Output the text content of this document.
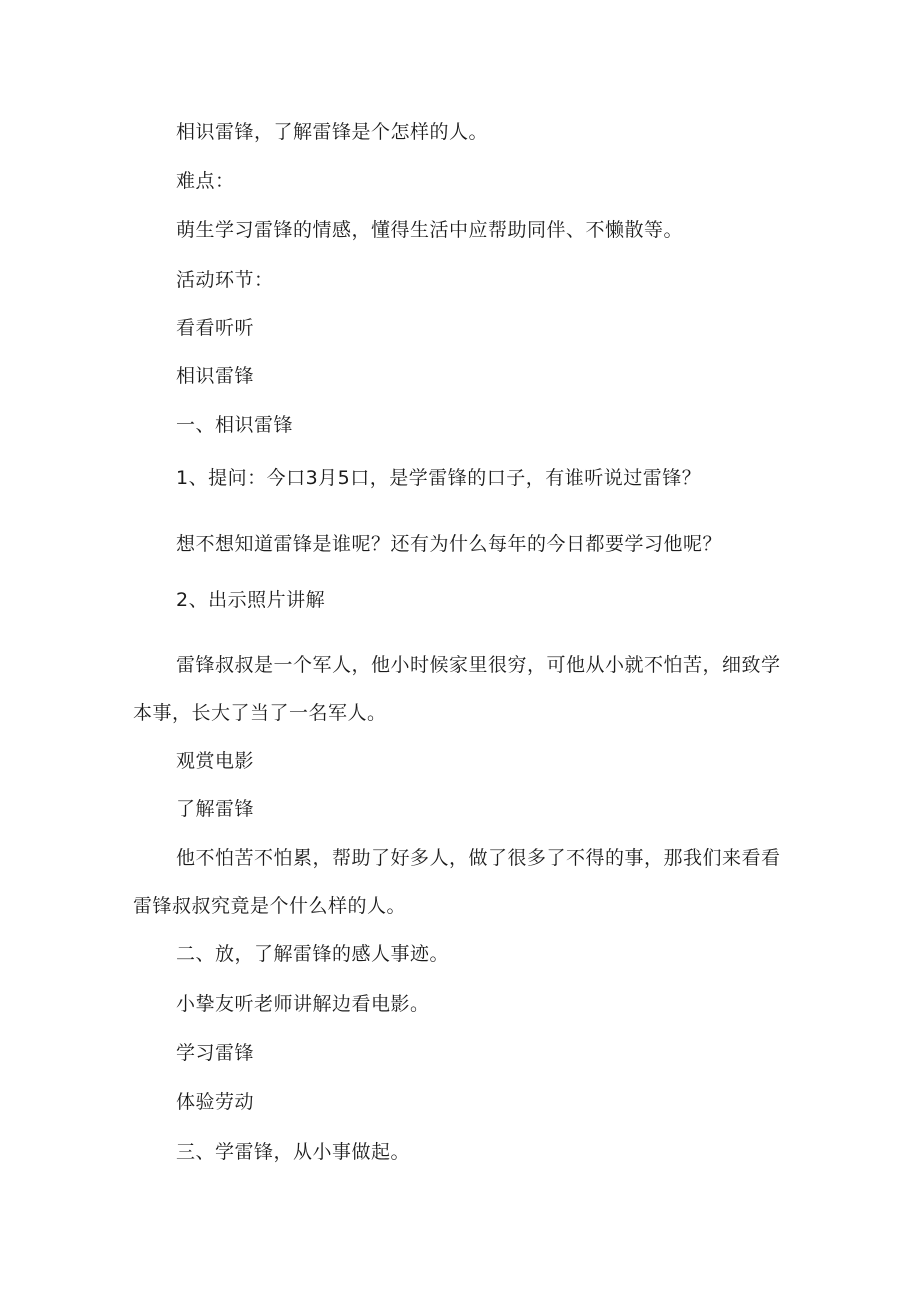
相识雷锋，了解雷锋是个怎样的人。
难点：
萌生学习雷锋的情感，懂得生活中应帮助同伴、不懒散等。
活动环节：
看看听听
相识雷锋
一、相识雷锋
1、提问：今口3月5口，是学雷锋的口子，有谁听说过雷锋？
想不想知道雷锋是谁呢？还有为什么每年的今日都要学习他呢？
2、出示照片讲解
雷锋叔叔是一个军人，他小时候家里很穷，可他从小就不怕苦，细致学本事，长大了当了一名军人。
观赏电影
了解雷锋
他不怕苦不怕累，帮助了好多人，做了很多了不得的事，那我们来看看雷锋叔叔究竟是个什么样的人。
二、放，了解雷锋的感人事迹。
小挚友听老师讲解边看电影。
学习雷锋
体验劳动
三、学雷锋，从小事做起。
